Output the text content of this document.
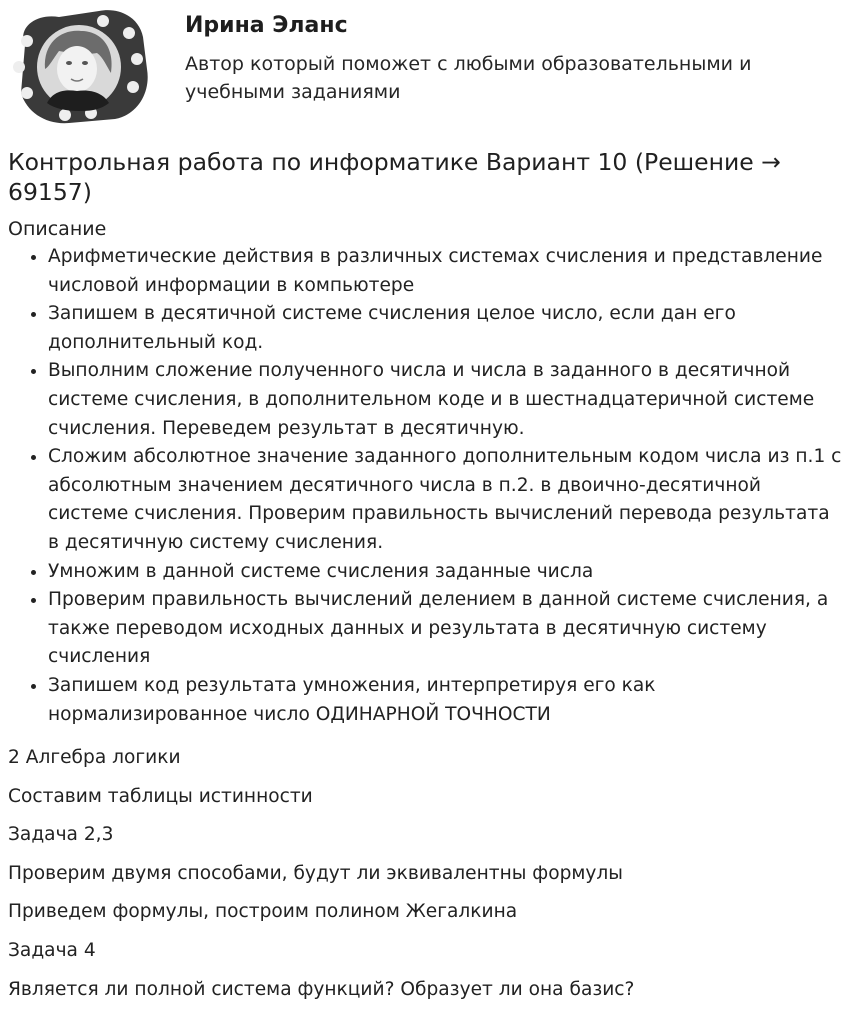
Ирина Эланс
Автор который поможет с любыми образовательными и учебными заданиями
Контрольная работа по информатике Вариант 10 (Решение → 69157)
Описание
• Арифметические действия в различных системах счисления и представление числовой информации в компьютере
• Запишем в десятичной системе счисления целое число, если дан его дополнительный код.
• Выполним сложение полученного числа и числа в заданного в десятичной системе счисления, в дополнительном коде и в шестнадцатеричной системе счисления. Переведем результат в десятичную.
• Сложим абсолютное значение заданного дополнительным кодом числа из п.1 с абсолютным значением десятичного числа в п.2. в двоично-десятичной системе счисления. Проверим правильность вычислений перевода результата в десятичную систему счисления.
• Умножим в данной системе счисления заданные числа
• Проверим правильность вычислений делением в данной системе счисления, а также переводом исходных данных и результата в десятичную систему счисления
• Запишем код результата умножения, интерпретируя его как нормализированное число ОДИНАРНОЙ ТОЧНОСТИ
2 Алгебра логики
Составим таблицы истинности
Задача 2,3
Проверим двумя способами, будут ли эквивалентны формулы
Приведем формулы, построим полином Жегалкина
Задача 4
Является ли полной система функций? Образует ли она базис?
